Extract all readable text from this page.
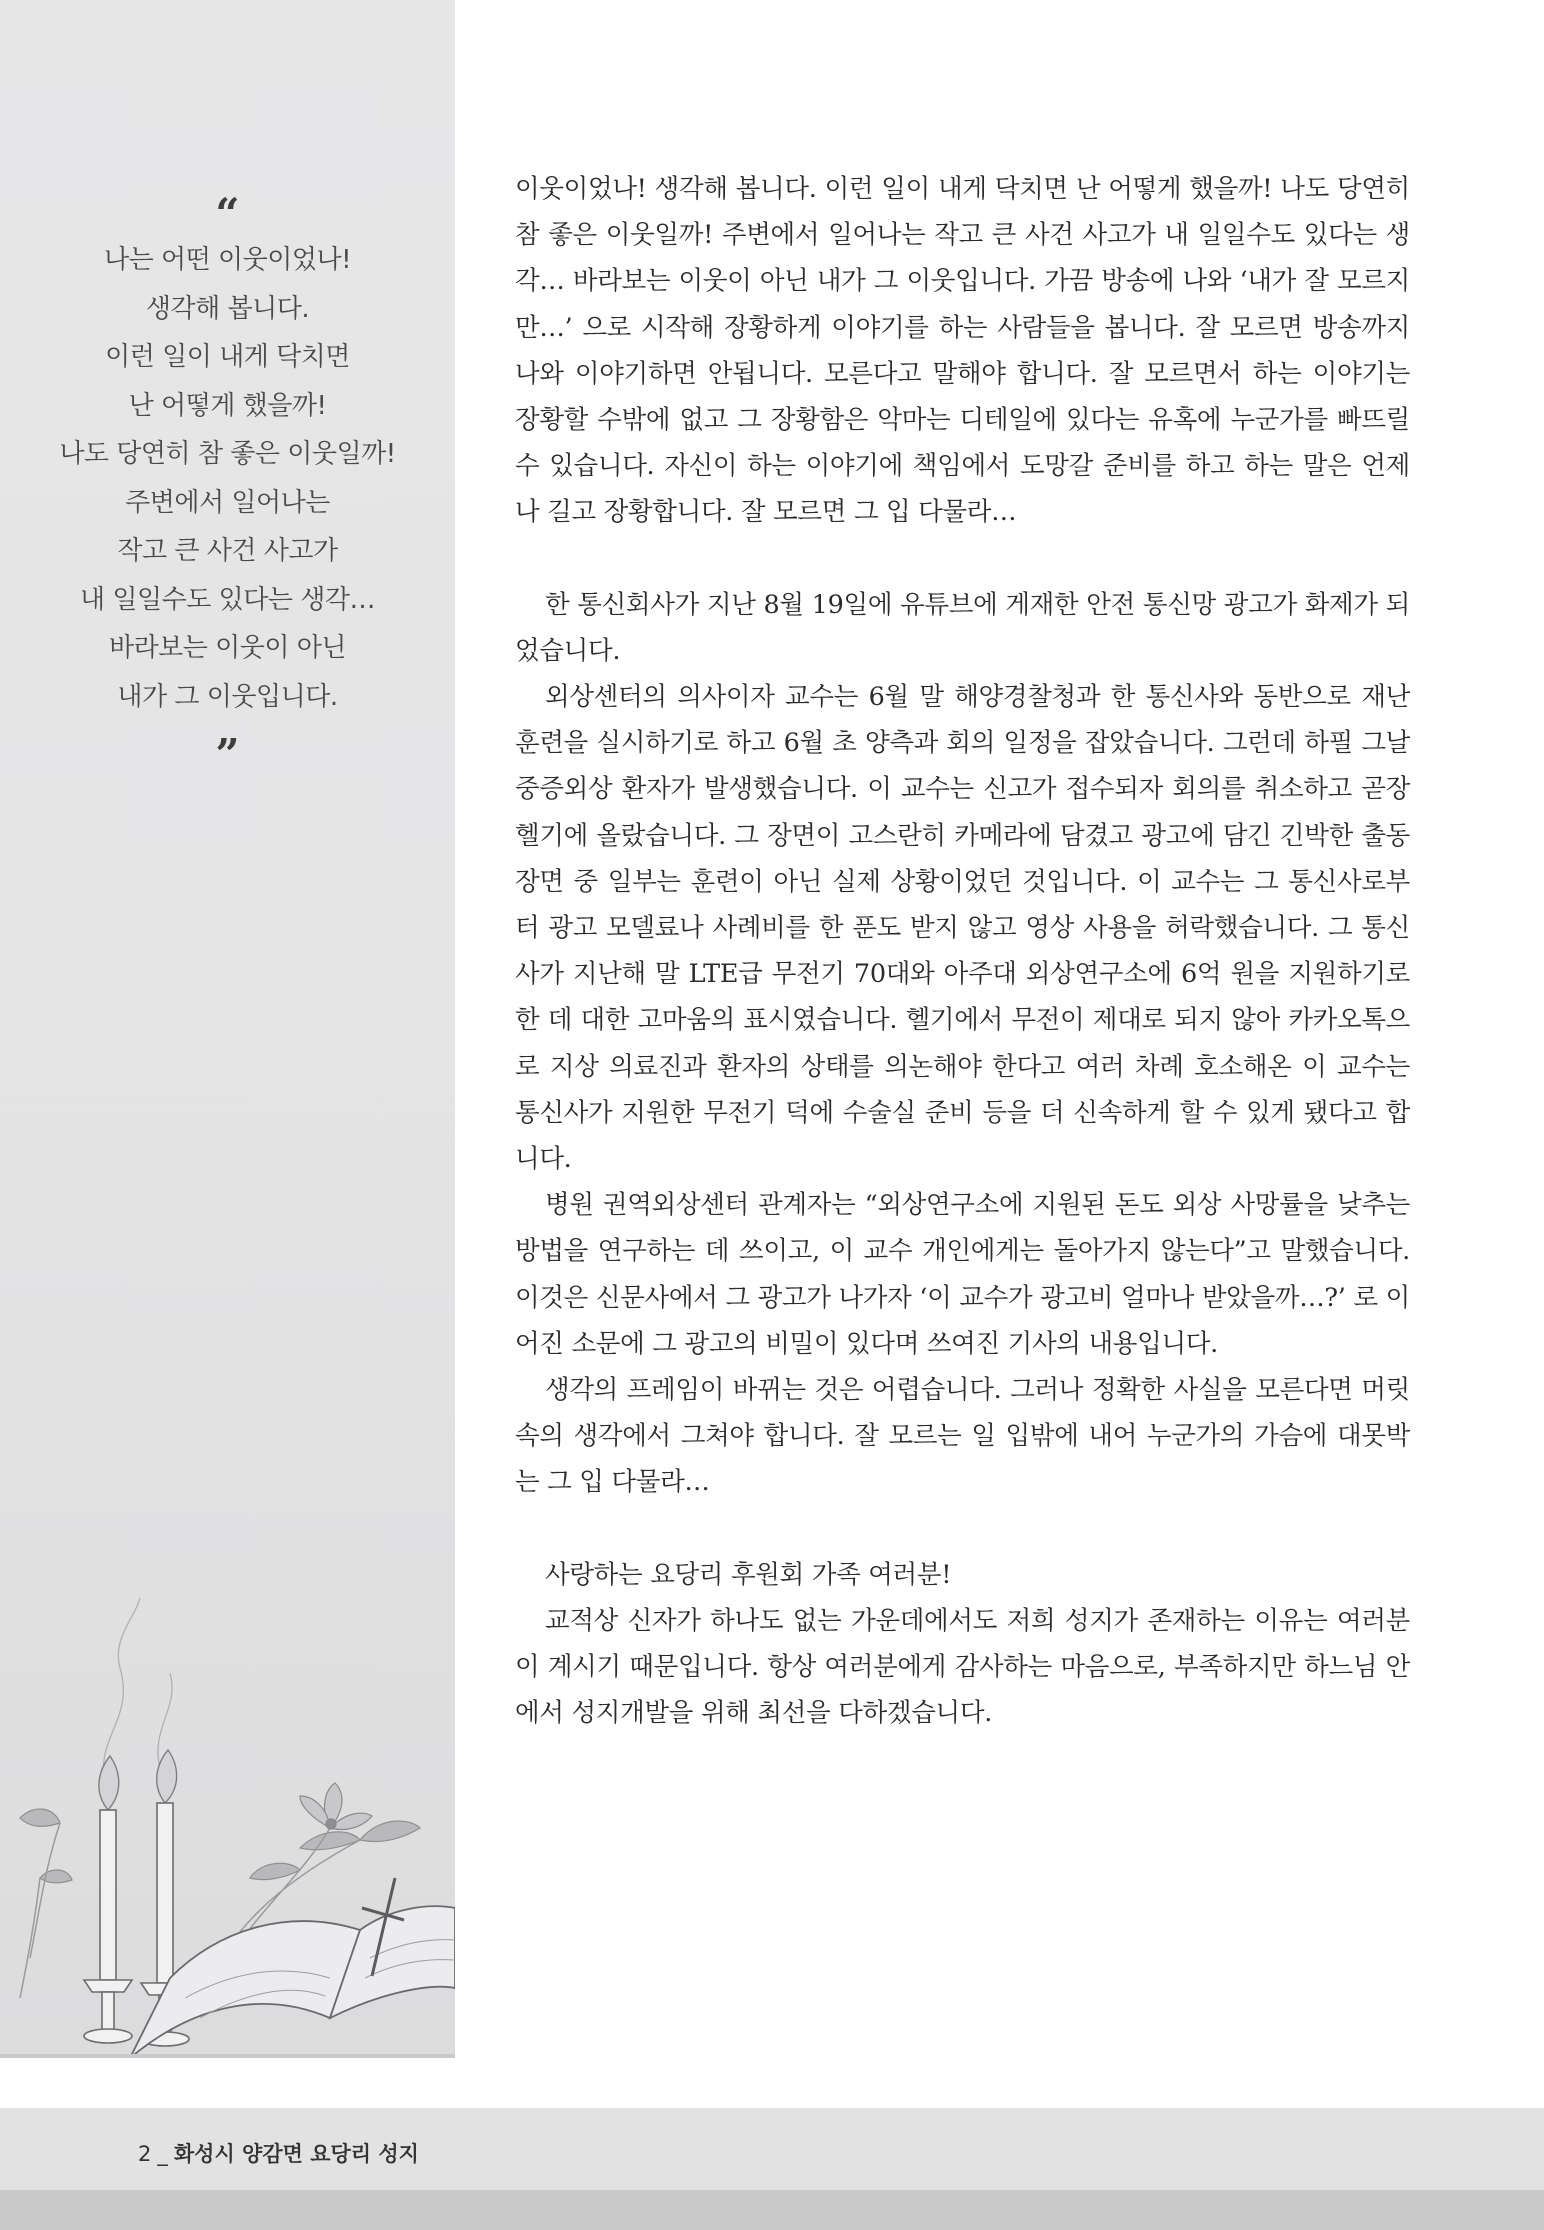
“
나는 어떤 이웃이었나!
생각해 봅니다.
이런 일이 내게 닥치면
난 어떻게 했을까!
나도 당연히 참 좋은 이웃일까!
주변에서 일어나는
작고 큰 사건 사고가
내 일일수도 있다는 생각…
바라보는 이웃이 아닌
내가 그 이웃입니다.
”

이웃이었나! 생각해 봅니다. 이런 일이 내게 닥치면 난 어떻게 했을까! 나도 당연히 참 좋은 이웃일까! 주변에서 일어나는 작고 큰 사건 사고가 내 일일수도 있다는 생각… 바라보는 이웃이 아닌 내가 그 이웃입니다. 가끔 방송에 나와 ‘내가 잘 모르지만…’ 으로 시작해 장황하게 이야기를 하는 사람들을 봅니다. 잘 모르면 방송까지 나와 이야기하면 안됩니다. 모른다고 말해야 합니다. 잘 모르면서 하는 이야기는 장황할 수밖에 없고 그 장황함은 악마는 디테일에 있다는 유혹에 누군가를 빠뜨릴 수 있습니다. 자신이 하는 이야기에 책임에서 도망갈 준비를 하고 하는 말은 언제나 길고 장황합니다. 잘 모르면 그 입 다물라…

한 통신회사가 지난 8월 19일에 유튜브에 게재한 안전 통신망 광고가 화제가 되었습니다.

외상센터의 의사이자 교수는 6월 말 해양경찰청과 한 통신사와 동반으로 재난 훈련을 실시하기로 하고 6월 초 양측과 회의 일정을 잡았습니다. 그런데 하필 그날 중증외상 환자가 발생했습니다. 이 교수는 신고가 접수되자 회의를 취소하고 곧장 헬기에 올랐습니다. 그 장면이 고스란히 카메라에 담겼고 광고에 담긴 긴박한 출동 장면 중 일부는 훈련이 아닌 실제 상황이었던 것입니다. 이 교수는 그 통신사로부터 광고 모델료나 사례비를 한 푼도 받지 않고 영상 사용을 허락했습니다. 그 통신사가 지난해 말 LTE급 무전기 70대와 아주대 외상연구소에 6억 원을 지원하기로 한 데 대한 고마움의 표시였습니다. 헬기에서 무전이 제대로 되지 않아 카카오톡으로 지상 의료진과 환자의 상태를 의논해야 한다고 여러 차례 호소해온 이 교수는 통신사가 지원한 무전기 덕에 수술실 준비 등을 더 신속하게 할 수 있게 됐다고 합니다.

병원 권역외상센터 관계자는 “외상연구소에 지원된 돈도 외상 사망률을 낮추는 방법을 연구하는 데 쓰이고, 이 교수 개인에게는 돌아가지 않는다”고 말했습니다. 이것은 신문사에서 그 광고가 나가자 ‘이 교수가 광고비 얼마나 받았을까…?’ 로 이어진 소문에 그 광고의 비밀이 있다며 쓰여진 기사의 내용입니다.

생각의 프레임이 바뀌는 것은 어렵습니다. 그러나 정확한 사실을 모른다면 머릿속의 생각에서 그쳐야 합니다. 잘 모르는 일 입밖에 내어 누군가의 가슴에 대못박는 그 입 다물라…

사랑하는 요당리 후원회 가족 여러분!

교적상 신자가 하나도 없는 가운데에서도 저희 성지가 존재하는 이유는 여러분이 계시기 때문입니다. 항상 여러분에게 감사하는 마음으로, 부족하지만 하느님 안에서 성지개발을 위해 최선을 다하겠습니다.

2 _ 화성시 양감면 요당리 성지
